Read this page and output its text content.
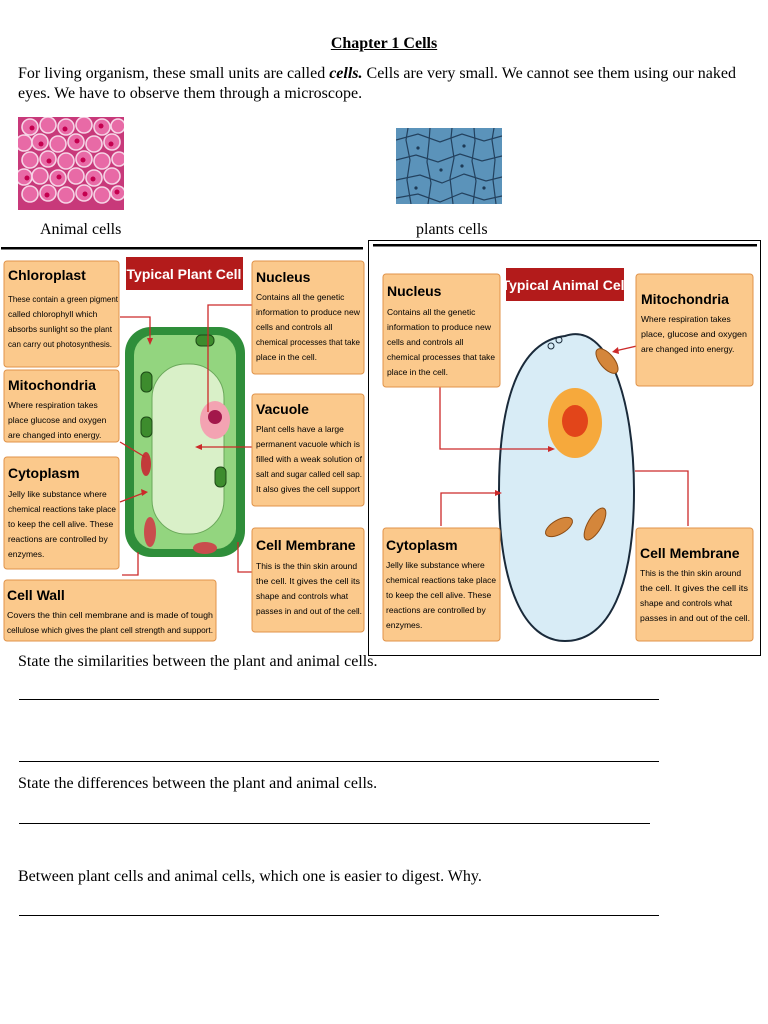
Chapter 1 Cells
For living organism, these small units are called cells. Cells are very small. We cannot see them using our naked eyes. We have to observe them through a microscope.
Animal cells	plants cells
Typical Plant Cell
Chloroplast
These contain a green pigment
called chlorophyll which
absorbs sunlight so the plant
can carry out photosynthesis.
Mitochondria
Where respiration takes
place glucose and oxygen
are changed into energy.
Cytoplasm
Jelly like substance where
chemical reactions take place
to keep the cell alive. These
reactions are controlled by
enzymes.
Cell Wall
Covers the thin cell membrane and is made of tough
cellulose which gives the plant cell strength and support.
Nucleus
Contains all the genetic
information to produce new
cells and controls all
chemical processes that take
place in the cell.
Vacuole
Plant cells have a large
permanent vacuole which is
filled with a weak solution of
salt and sugar called cell sap.
It also gives the cell support
Cell Membrane
This is the thin skin around
the cell. It gives the cell its
shape and controls what
passes in and out of the cell.
Typical Animal Cell
Nucleus
Contains all the genetic
information to produce new
cells and controls all
chemical processes that take
place in the cell.
Mitochondria
Where respiration takes
place, glucose and oxygen
are changed into energy.
Cytoplasm
Jelly like substance where
chemical reactions take place
to keep the cell alive. These
reactions are controlled by
enzymes.
Cell Membrane
This is the thin skin around
the cell. It gives the cell its
shape and controls what
passes in and out of the cell.
State the similarities between the plant and animal cells.
State the differences between the plant and animal cells.
Between plant cells and animal cells, which one is easier to digest. Why.
